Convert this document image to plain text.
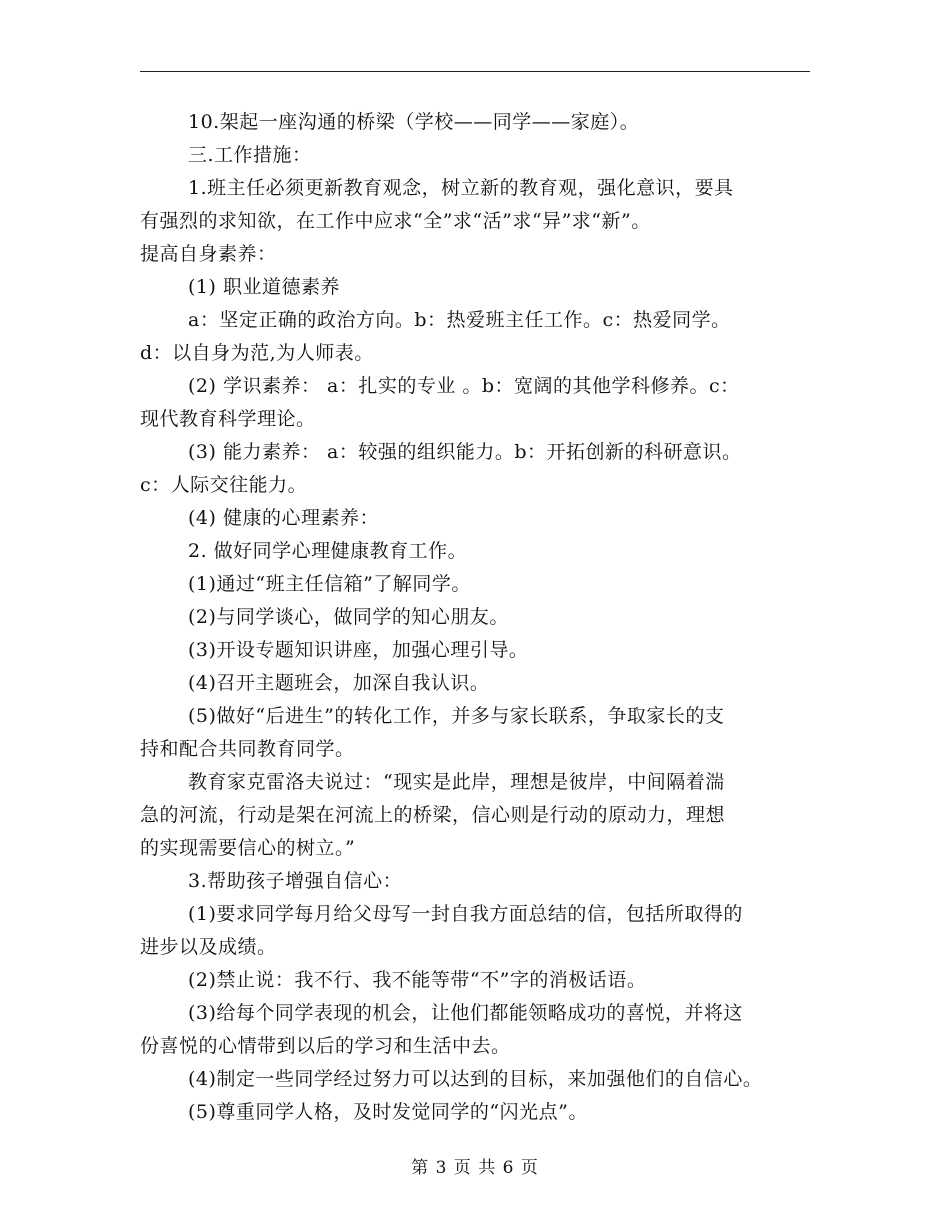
10.架起一座沟通的桥梁（学校——同学——家庭）。
三.工作措施：
1.班主任必须更新教育观念，树立新的教育观，强化意识，要具
有强烈的求知欲，在工作中应求“全”求“活”求“异”求“新”。
提高自身素养：
(1) 职业道德素养
a：坚定正确的政治方向。b：热爱班主任工作。c：热爱同学。
d：以自身为范,为人师表。
(2) 学识素养： a：扎实的专业 。b：宽阔的其他学科修养。c：
现代教育科学理论。
(3) 能力素养： a：较强的组织能力。b：开拓创新的科研意识。
c：人际交往能力。
(4) 健康的心理素养：
2. 做好同学心理健康教育工作。
(1)通过“班主任信箱”了解同学。
(2)与同学谈心，做同学的知心朋友。
(3)开设专题知识讲座，加强心理引导。
(4)召开主题班会，加深自我认识。
(5)做好“后进生”的转化工作，并多与家长联系，争取家长的支
持和配合共同教育同学。
教育家克雷洛夫说过：“现实是此岸，理想是彼岸，中间隔着湍
急的河流，行动是架在河流上的桥梁，信心则是行动的原动力，理想
的实现需要信心的树立。”
3.帮助孩子增强自信心：
(1)要求同学每月给父母写一封自我方面总结的信，包括所取得的
进步以及成绩。
(2)禁止说：我不行、我不能等带“不”字的消极话语。
(3)给每个同学表现的机会，让他们都能领略成功的喜悦，并将这
份喜悦的心情带到以后的学习和生活中去。
(4)制定一些同学经过努力可以达到的目标，来加强他们的自信心。
(5)尊重同学人格，及时发觉同学的“闪光点”。
第 3 页 共 6 页
